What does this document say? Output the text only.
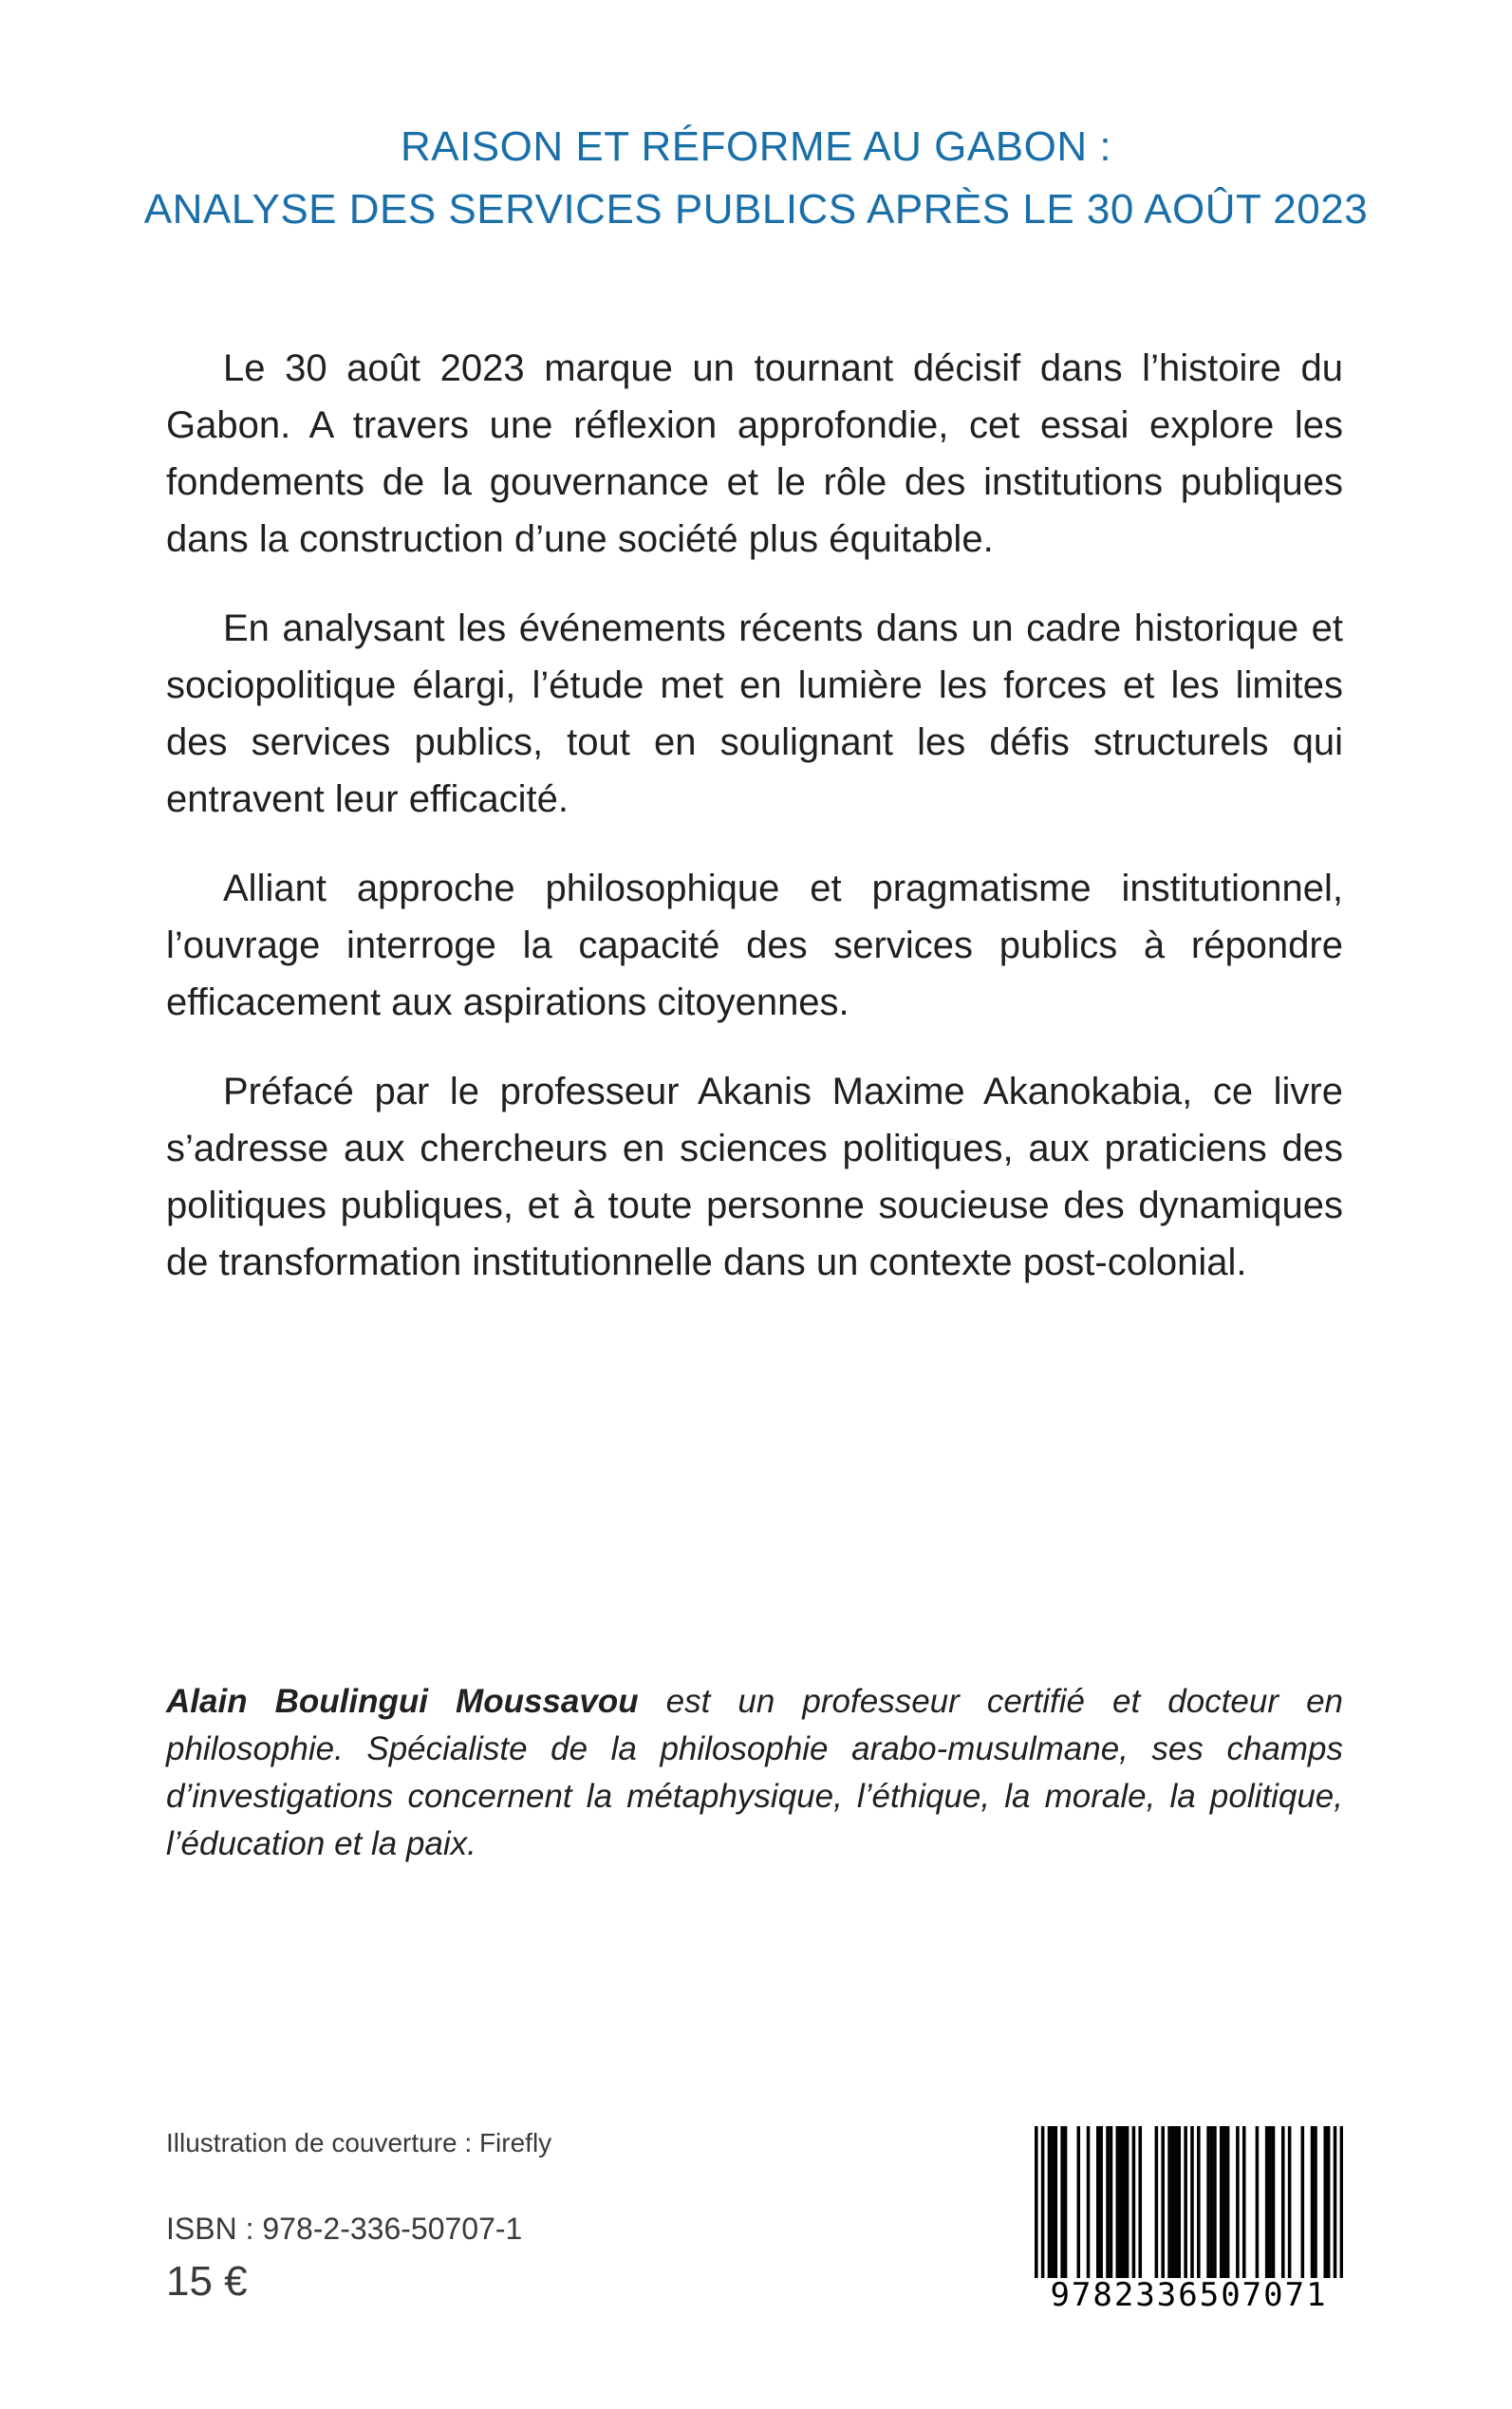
RAISON ET RÉFORME AU GABON :
ANALYSE DES SERVICES PUBLICS APRÈS LE 30 AOÛT 2023

Le 30 août 2023 marque un tournant décisif dans l’histoire du Gabon. A travers une réflexion approfondie, cet essai explore les fondements de la gouvernance et le rôle des institutions publiques dans la construction d’une société plus équitable.

En analysant les événements récents dans un cadre historique et sociopolitique élargi, l’étude met en lumière les forces et les limites des services publics, tout en soulignant les défis structurels qui entravent leur efficacité.

Alliant approche philosophique et pragmatisme institutionnel, l’ouvrage interroge la capacité des services publics à répondre efficacement aux aspirations citoyennes.

Préfacé par le professeur Akanis Maxime Akanokabia, ce livre s’adresse aux chercheurs en sciences politiques, aux praticiens des politiques publiques, et à toute personne soucieuse des dynamiques de transformation institutionnelle dans un contexte post-colonial.

Alain Boulingui Moussavou est un professeur certifié et docteur en philosophie. Spécialiste de la philosophie arabo-musulmane, ses champs d’investigations concernent la métaphysique, l’éthique, la morale, la politique, l’éducation et la paix.

Illustration de couverture : Firefly
ISBN : 978-2-336-50707-1
15 €	9782336507071
